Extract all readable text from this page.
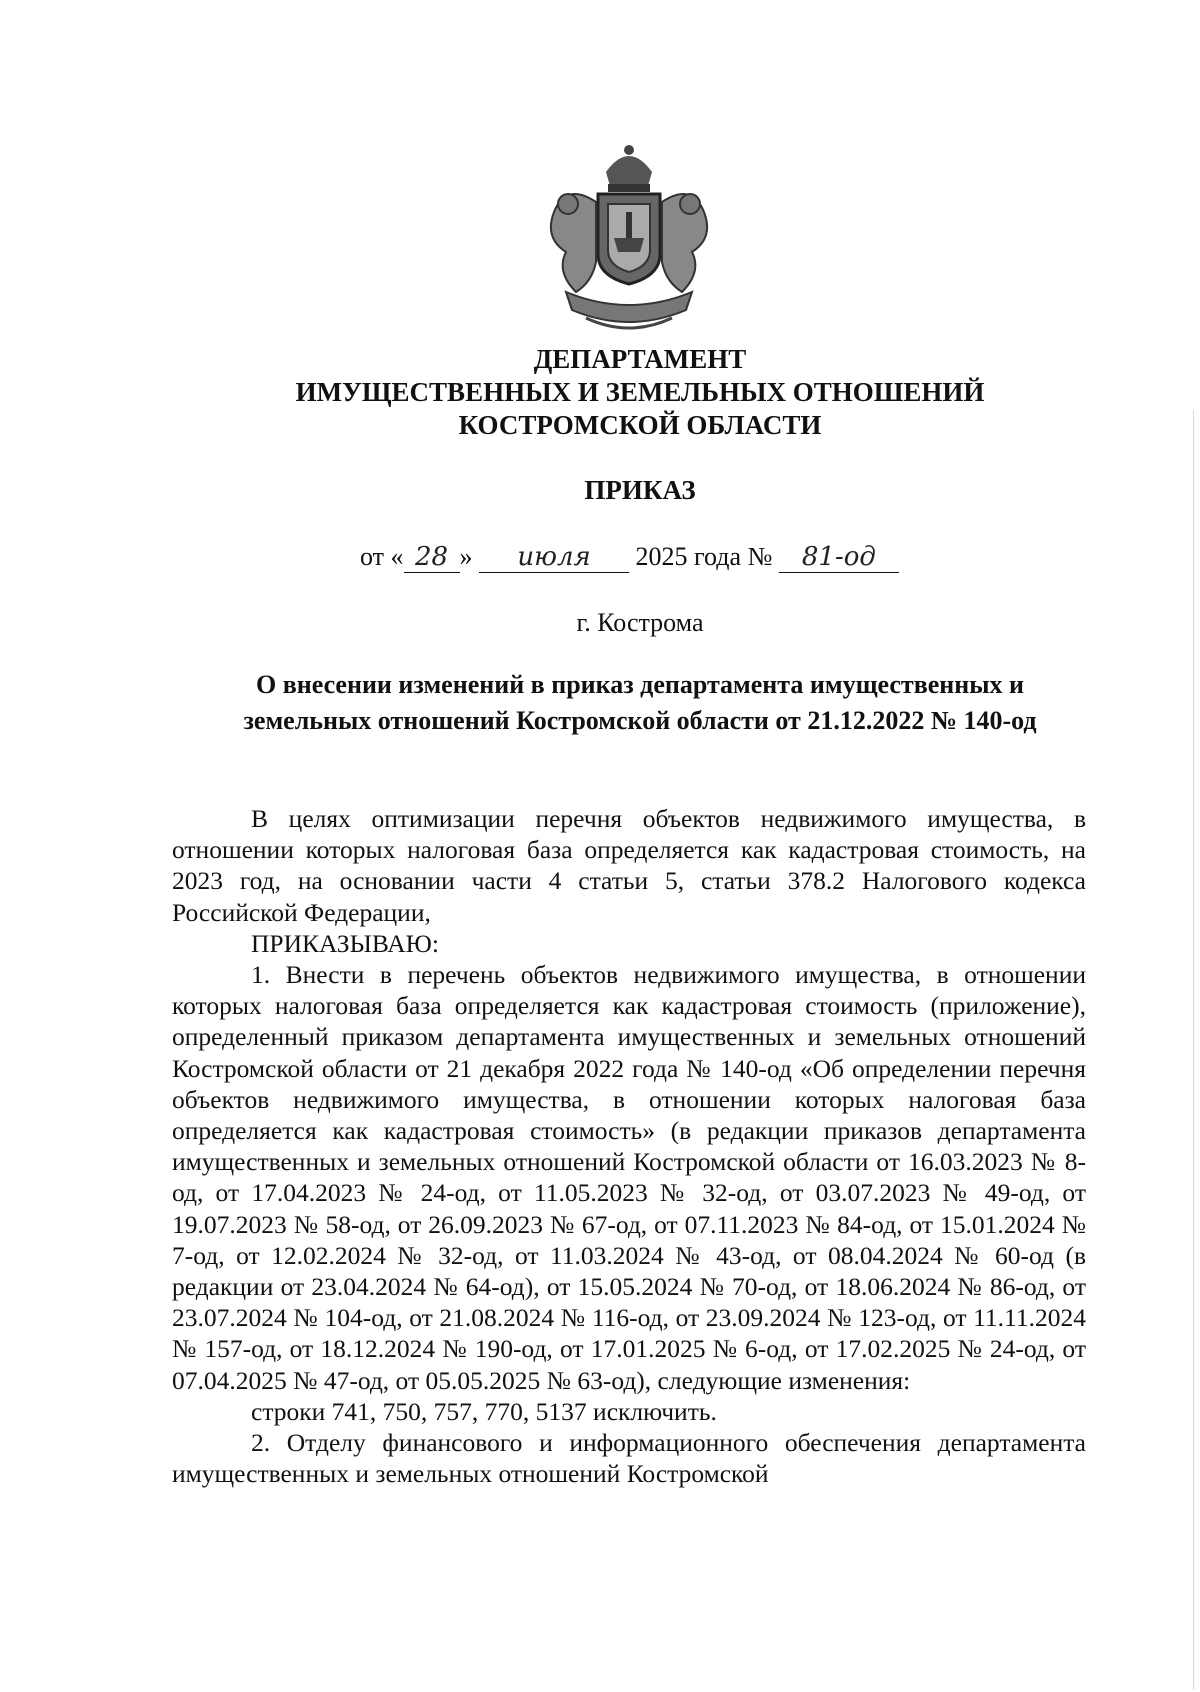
ДЕПАРТАМЕНТ
ИМУЩЕСТВЕННЫХ И ЗЕМЕЛЬНЫХ ОТНОШЕНИЙ
КОСТРОМСКОЙ ОБЛАСТИ
ПРИКАЗ
от « 28 » июля 2025 года № 81-од
г. Кострома
О внесении изменений в приказ департамента имущественных и
земельных отношений Костромской области от 21.12.2022 № 140-од

В целях оптимизации перечня объектов недвижимого имущества, в отношении которых налоговая база определяется как кадастровая стоимость, на 2023 год, на основании части 4 статьи 5, статьи 378.2 Налогового кодекса Российской Федерации,

ПРИКАЗЫВАЮ:

1. Внести в перечень объектов недвижимого имущества, в отношении которых налоговая база определяется как кадастровая стоимость (приложение), определенный приказом департамента имущественных и земельных отношений Костромской области от 21 декабря 2022 года № 140-од «Об определении перечня объектов недвижимого имущества, в отношении которых налоговая база определяется как кадастровая стоимость» (в редакции приказов департамента имущественных и земельных отношений Костромской области от 16.03.2023 № 8-од, от 17.04.2023 № 24-од, от 11.05.2023 № 32-од, от 03.07.2023 № 49-од, от 19.07.2023 № 58-од, от 26.09.2023 № 67-од, от 07.11.2023 № 84-од, от 15.01.2024 № 7-од, от 12.02.2024 № 32-од, от 11.03.2024 № 43-од, от 08.04.2024 № 60-од (в редакции от 23.04.2024 № 64-од), от 15.05.2024 № 70-од, от 18.06.2024 № 86-од, от 23.07.2024 № 104-од, от 21.08.2024 № 116-од, от 23.09.2024 № 123-од, от 11.11.2024 № 157-од, от 18.12.2024 № 190-од, от 17.01.2025 № 6-од, от 17.02.2025 № 24-од, от 07.04.2025 № 47-од, от 05.05.2025 № 63-од), следующие изменения:

строки 741, 750, 757, 770, 5137 исключить.

2. Отделу финансового и информационного обеспечения департамента имущественных и земельных отношений Костромской
